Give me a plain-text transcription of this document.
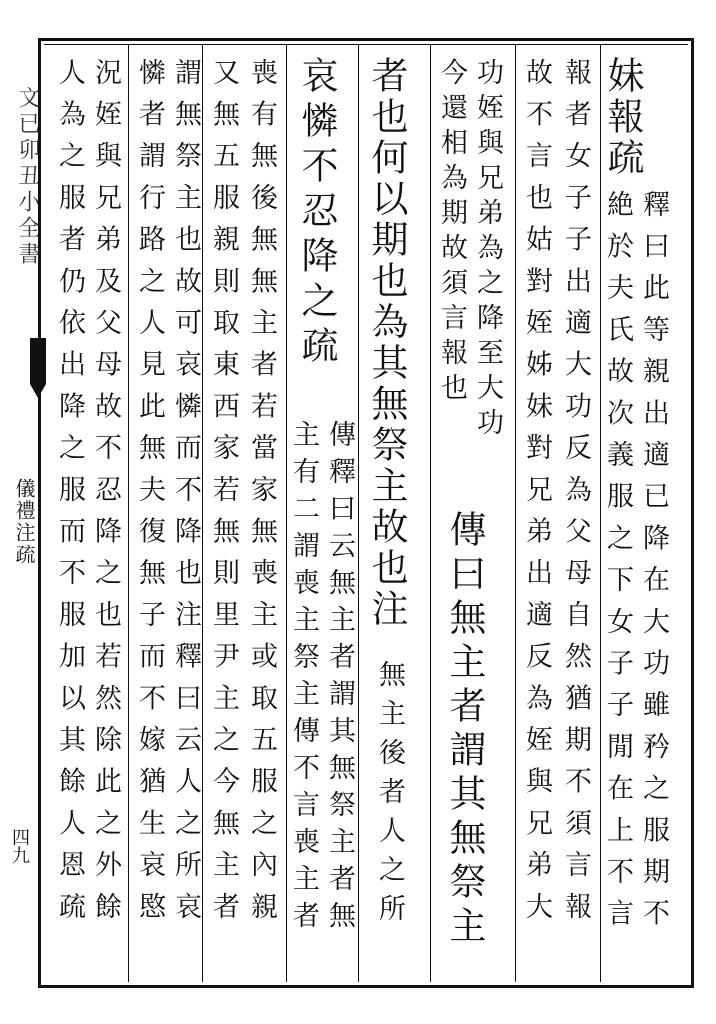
文已卯丑小全書
儀禮注疏
四九
妹報疏
絶於夫氏故次義服之下女子子閒在上不言 釋曰此等親出適已降在大功雖矜之服期不
故不言也姑對姪姊妹對兄弟出適反為姪與兄弟大 報者女子子出適大功反為父母自然猶期不須言報
今還相為期故須言報也 功姪與兄弟為之降至大功
傳曰無主者謂其無祭主
者也何以期也為其無祭主故也注
無主後者人之所
哀憐不忍降之疏
主有二謂喪主祭主傳不言喪主者 傳釋曰云無主者謂其無祭主者無
又無五服親則取東西家若無則里尹主之今無主者 喪有無後無無主者若當家無喪主或取五服之內親
憐者謂行路之人見此無夫復無子而不嫁猶生哀愍 謂無祭主也故可哀憐而不降也注釋曰云人之所哀
人為之服者仍依出降之服而不服加以其餘人恩疏 況姪與兄弟及父母故不忍降之也若然除此之外餘
